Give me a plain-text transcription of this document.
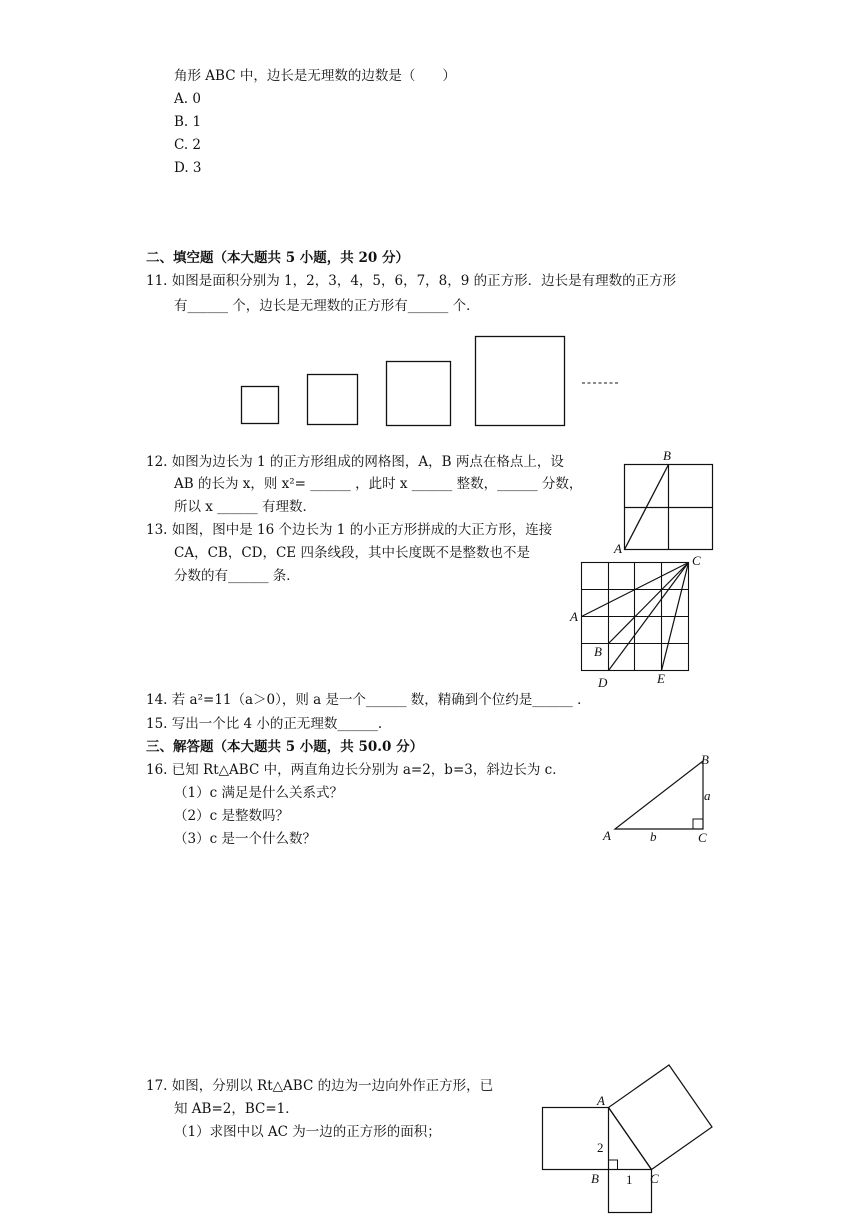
角形 ABC 中，边长是无理数的边数是（　　）
A. 0
B. 1
C. 2
D. 3
二、填空题（本大题共 5 小题，共 20 分）
11. 如图是面积分别为 1，2，3，4，5，6，7，8，9 的正方形．边长是有理数的正方形
有______ 个，边长是无理数的正方形有______ 个．
12. 如图为边长为 1 的正方形组成的网格图，A，B 两点在格点上，设
AB 的长为 x，则 x²= ______ ，此时 x ______ 整数，______ 分数，
所以 x ______ 有理数．
A
B
13. 如图，图中是 16 个边长为 1 的小正方形拼成的大正方形，连接
CA，CB，CD，CE 四条线段，其中长度既不是整数也不是
分数的有______ 条．
A
B
C
D	E
14. 若 a²=11（a＞0），则 a 是一个______ 数，精确到个位约是______ ．
15. 写出一个比 4 小的正无理数______.
三、解答题（本大题共 5 小题，共 50.0 分）
16. 已知 Rt△ABC 中，两直角边长分别为 a=2，b=3，斜边长为 c．
（1）c 满足是什么关系式？
（2）c 是整数吗？
（3）c 是一个什么数？	A
B
C
a
b
17. 如图，分别以 Rt△ABC 的边为一边向外作正方形，已
知 AB=2，BC=1．
（1）求图中以 AC 为一边的正方形的面积；
A
B	C
2
1
